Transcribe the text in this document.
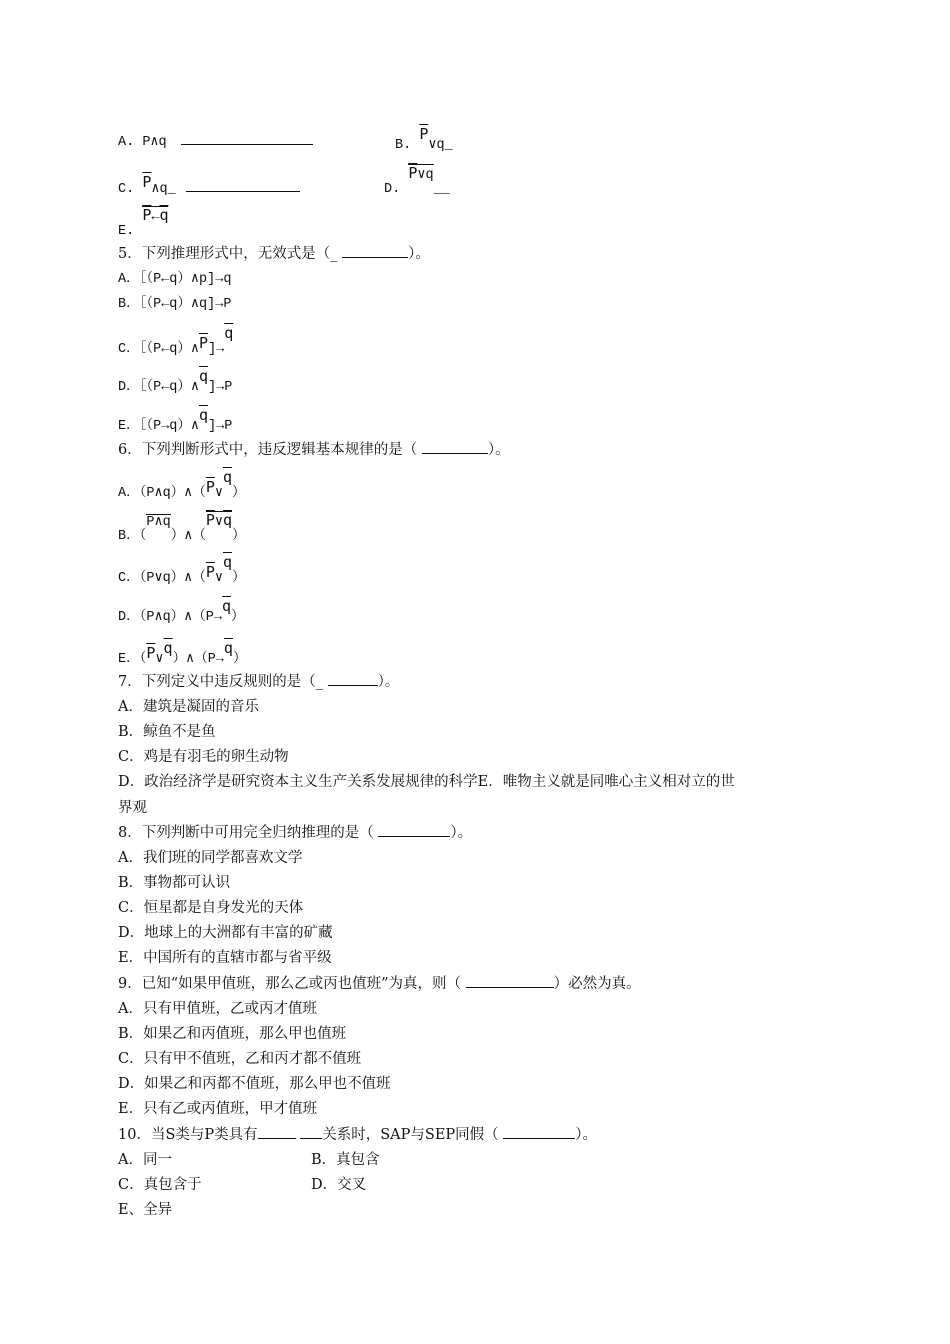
A. P∧q	B. $\overline{P}\vee q\_$
C. $\overline{P}\wedge q\_$	D. $\overline{P}\vee q\_\_$
E. $\overline{P}\leftarrow\overline{q}$
5．下列推理形式中，无效式是（_	）。
A．［（P←q）∧p]→q
B．［（P←q）∧q]→P
C．$[(P\leftarrow q)\wedge\overline{P}]\to\overline{q}$
D．$[(P\leftarrow q)\wedge\overline{q}]\to P$
E．$[(P\to q)\wedge\overline{q}]\to P$
6．下列判断形式中，违反逻辑基本规律的是（	）。
A．$(P\wedge q)\wedge(\overline{P}\vee\overline{q})$
B．$(P\wedge q)\wedge(\overline{P}\vee\overline{q})$
C．$(P\vee q)\wedge(\overline{P}\vee\overline{q})$
D．$(P\wedge q)\wedge(P\to\overline{q})$
E．$(\overline{P}\vee\overline{q})\wedge(P\to\overline{q})$
7．下列定义中违反规则的是（_	）。
A．建筑是凝固的音乐
B．鲸鱼不是鱼
C．鸡是有羽毛的卵生动物
D．政治经济学是研究资本主义生产关系发展规律的科学E．唯物主义就是同唯心主义相对立的世
界观
8．下列判断中可用完全归纳推理的是（	）。
A．我们班的同学都喜欢文学
B．事物都可认识
C．恒星都是自身发光的天体
D．地球上的大洲都有丰富的矿藏
E．中国所有的直辖市都与省平级
9．已知“如果甲值班，那么乙或丙也值班”为真，则（	）必然为真。
A．只有甲值班，乙或丙才值班
B．如果乙和丙值班，那么甲也值班
C．只有甲不值班，乙和丙才都不值班
D．如果乙和丙都不值班，那么甲也不值班
E．只有乙或丙值班，甲才值班
10．当S类与P类具有	关系时，SAP与SEP同假（	）。
A．同一	B．真包含
C．真包含于	D．交叉
E、全异
